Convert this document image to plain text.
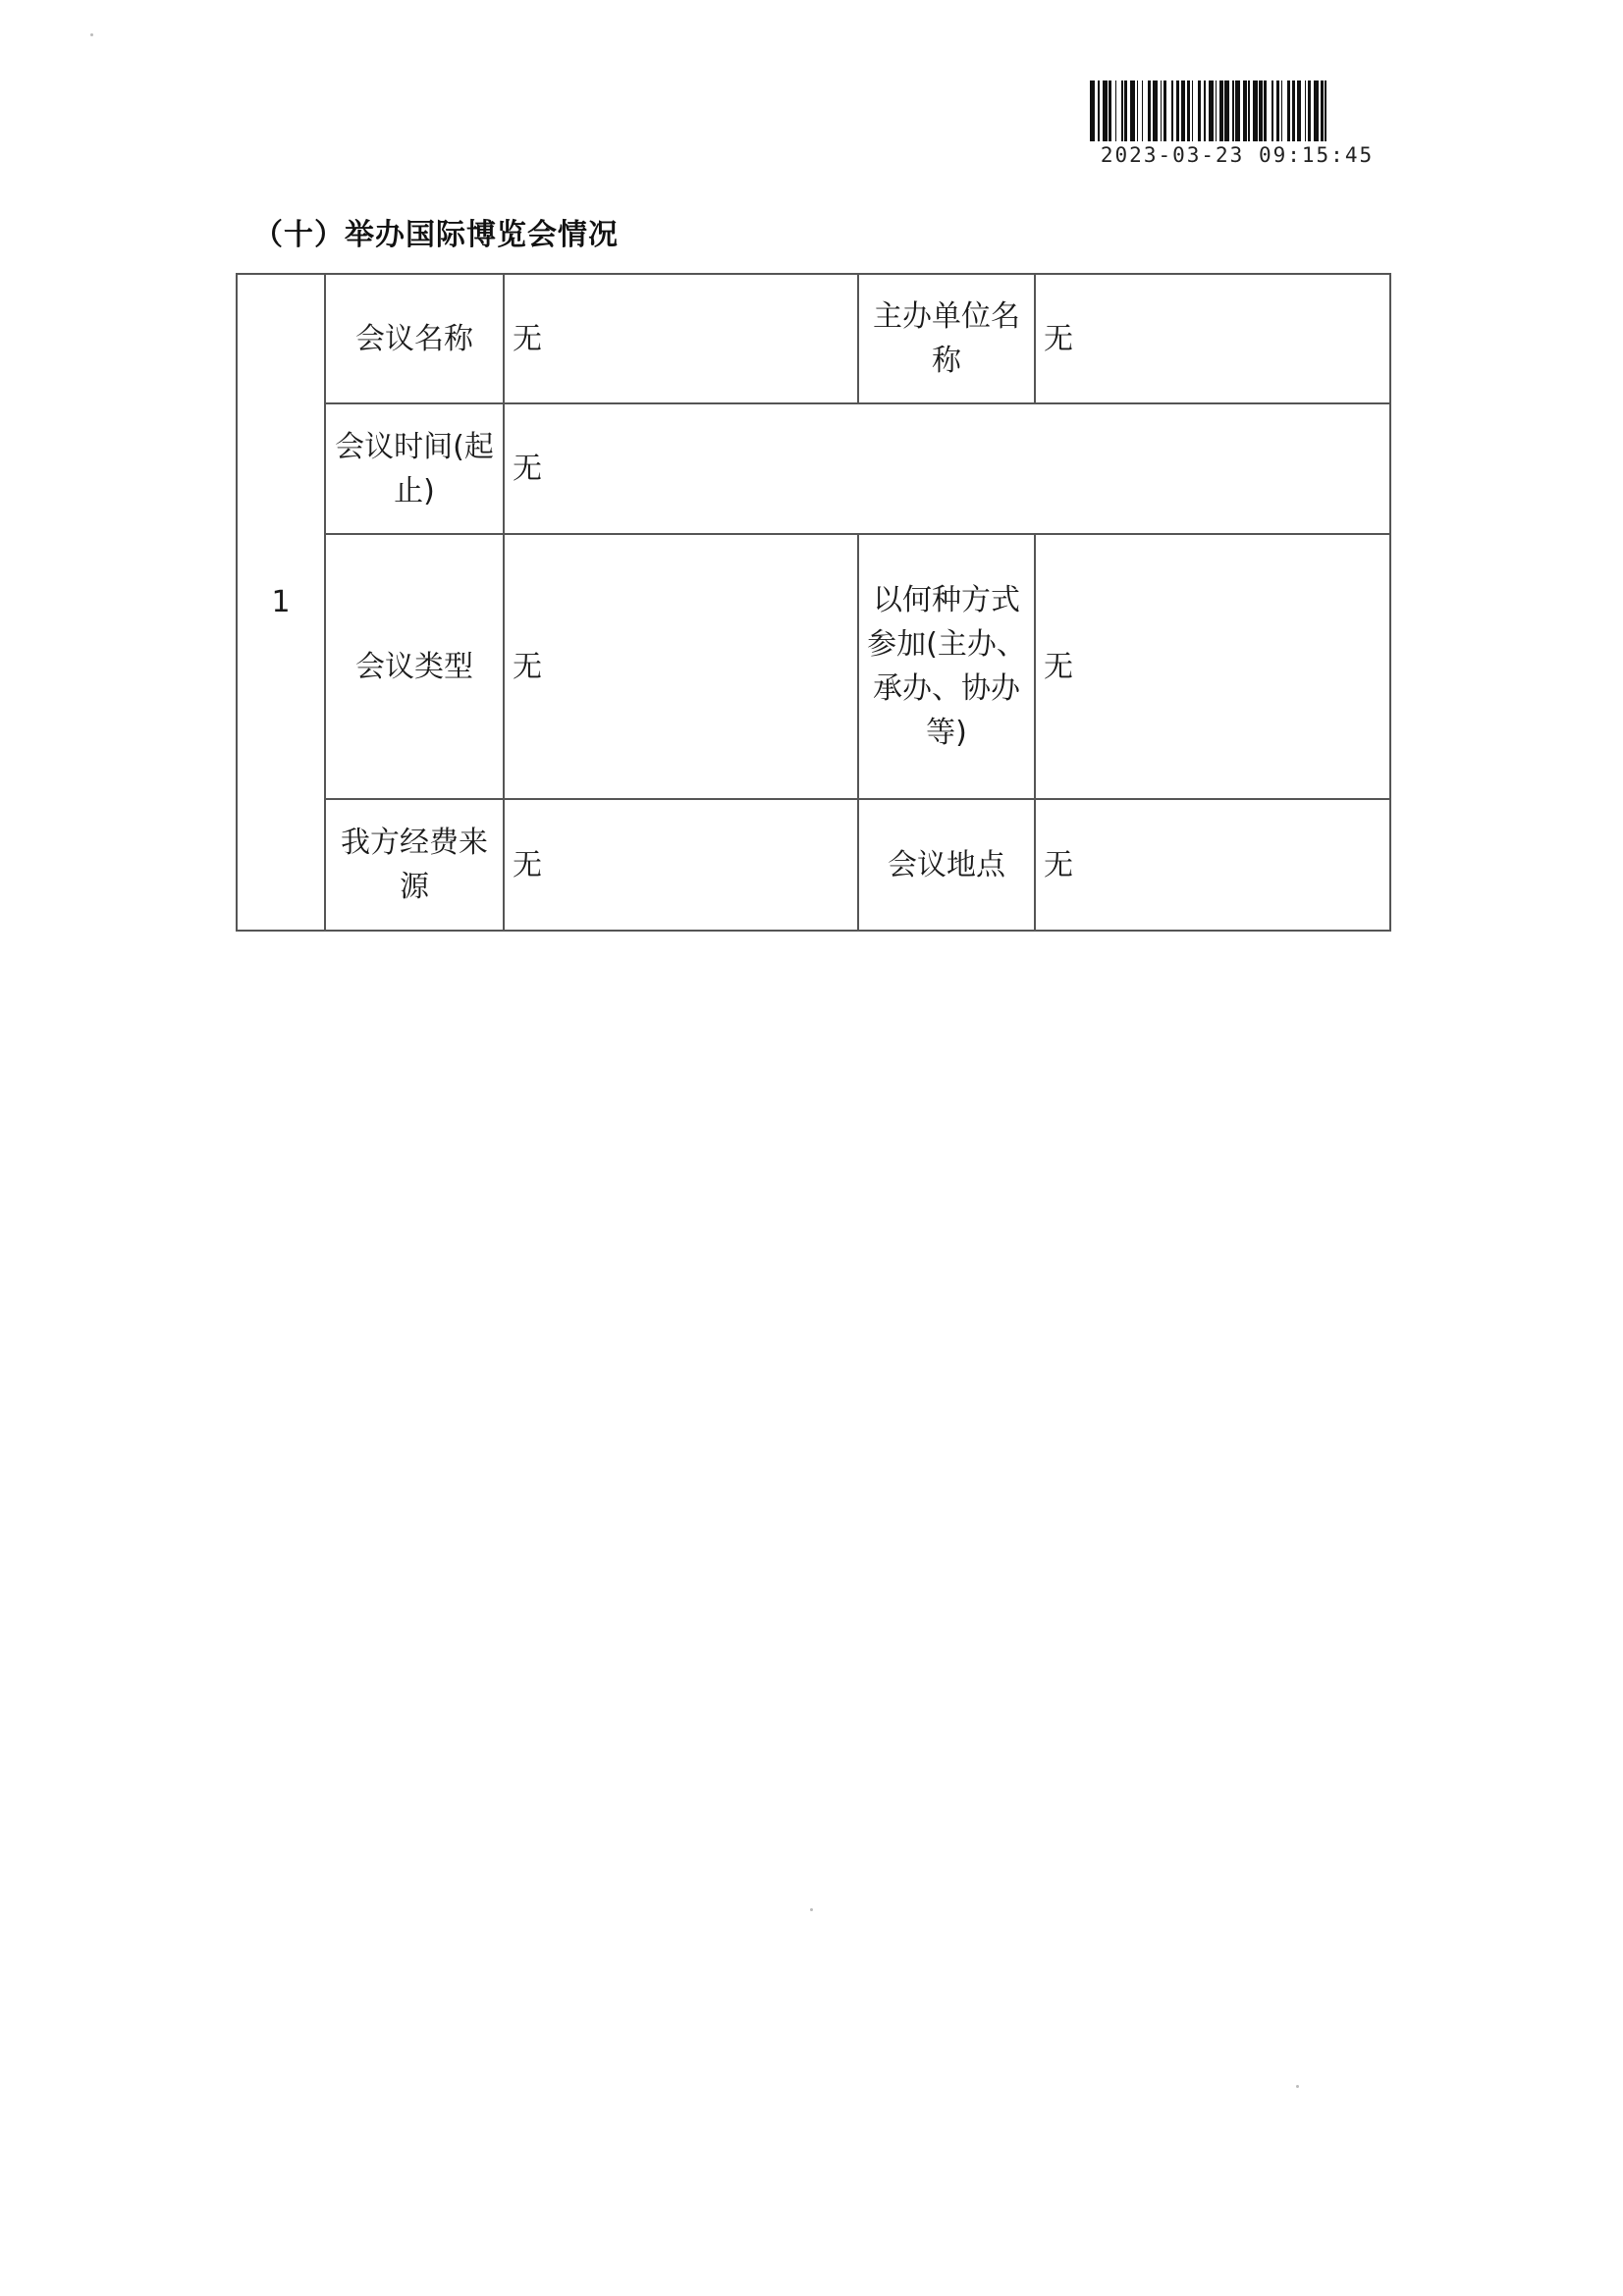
2023-03-23 09:15:45
（十）举办国际博览会情况
1	会议名称	无	主办单位名称	无
	会议时间(起止)	无		
	会议类型	无	以何种方式参加(主办、承办、协办等)	无
	我方经费来源	无	会议地点	无
